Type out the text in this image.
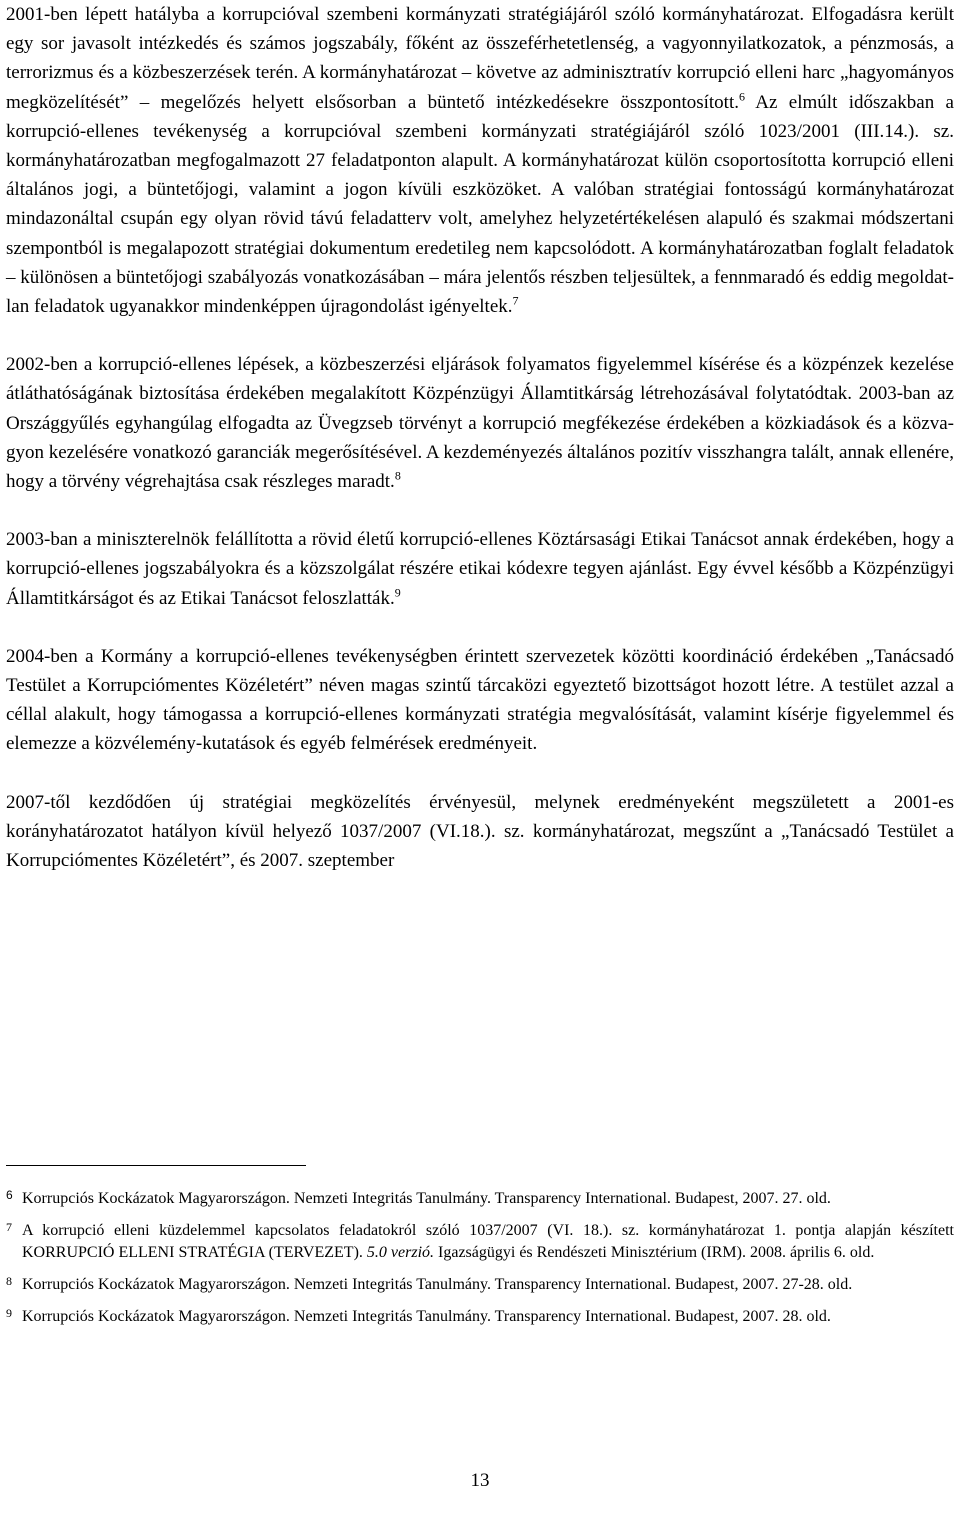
2001-ben lépett hatályba a korrupcióval szembeni kormányzati stratégiájáról szóló kormányhatározat. Elfogadásra került egy sor javasolt intézkedés és számos jogszabály, főként az összeférhetetlenség, a vagyonnyilatkozatok, a pénzmosás, a terrorizmus és a közbeszerzések terén. A kormányhatározat – követve az adminisztratív korrupció elleni harc „hagyományos megközelítését” – megelőzés helyett elsősorban a büntető intézkedésekre összpontosított.$^6$ Az elmúlt időszakban a korrupció-ellenes tevékenység a korrupcióval szembeni kormányzati stratégiájáról szóló 1023/2001 (III.14.). sz. kormányhatározatban megfogalmazott 27 feladatponton alapult. A kormányhatározat külön csoportosította korrupció elleni általános jogi, a büntetőjogi, valamint a jogon kívüli eszközöket. A valóban stratégiai fontosságú kormányhatározat mindazonáltal csupán egy olyan rövid távú feladatterv volt, amelyhez helyzetértékelésen alapuló és szakmai módszertani szempontból is megalapozott stratégiai dokumentum eredetileg nem kapcsolódott. A kormányhatározatban foglalt feladatok – különösen a büntetőjogi szabályozás vonatkozásában – mára jelentős részben teljesültek, a fennmaradó és eddig megoldatlan feladatok ugyanakkor mindenképpen újragondolást igényeltek.$^7$

2002-ben a korrupció-ellenes lépések, a közbeszerzési eljárások folyamatos figyelemmel kísérése és a közpénzek kezelése átláthatóságának biztosítása érdekében megalakított Közpénzügyi Államtitkárság létrehozásával folytatódtak. 2003-ban az Országgyűlés egyhangúlag elfogadta az Üvegzseb törvényt a korrupció megfékezése érdekében a közkiadások és a közvagyon kezelésére vonatkozó garanciák megerősítésével. A kezdeményezés általános pozitív visszhangra talált, annak ellenére, hogy a törvény végrehajtása csak részleges maradt.$^8$

2003-ban a miniszterelnök felállította a rövid életű korrupció-ellenes Köztársasági Etikai Tanácsot annak érdekében, hogy a korrupció-ellenes jogszabályokra és a közszolgálat részére etikai kódexre tegyen ajánlást. Egy évvel később a Közpénzügyi Államtitkárságot és az Etikai Tanácsot feloszlatták.$^9$

2004-ben a Kormány a korrupció-ellenes tevékenységben érintett szervezetek közötti koordináció érdekében „Tanácsadó Testület a Korrupciómentes Közéletért” néven magas szintű tárcaközi egyeztető bizottságot hozott létre. A testület azzal a céllal alakult, hogy támogassa a korrupció-ellenes kormányzati stratégia megvalósítását, valamint kísérje figyelemmel és elemezze a közvélemény-kutatások és egyéb felmérések eredményeit.

2007-től kezdődően új stratégiai megközelítés érvényesül, melynek eredményeként megszületett a 2001-es korányhatározatot hatályon kívül helyező 1037/2007 (VI.18.). sz. kormányhatározat, megszűnt a „Tanácsadó Testület a Korrupciómentes Közéletért”, és 2007. szeptember

6 Korrupciós Kockázatok Magyarországon. Nemzeti Integritás Tanulmány. Transparency International. Budapest, 2007. 27. old.

7 A korrupció elleni küzdelemmel kapcsolatos feladatokról szóló 1037/2007 (VI. 18.). sz. kormányhatározat 1. pontja alapján készített KORRUPCIÓ ELLENI STRATÉGIA (TERVEZET). 5.0 verzió. Igazságügyi és Rendészeti Minisztérium (IRM). 2008. április 6. old.

8 Korrupciós Kockázatok Magyarországon. Nemzeti Integritás Tanulmány. Transparency International. Budapest, 2007. 27-28. old.

9 Korrupciós Kockázatok Magyarországon. Nemzeti Integritás Tanulmány. Transparency International. Budapest, 2007. 28. old.

13
